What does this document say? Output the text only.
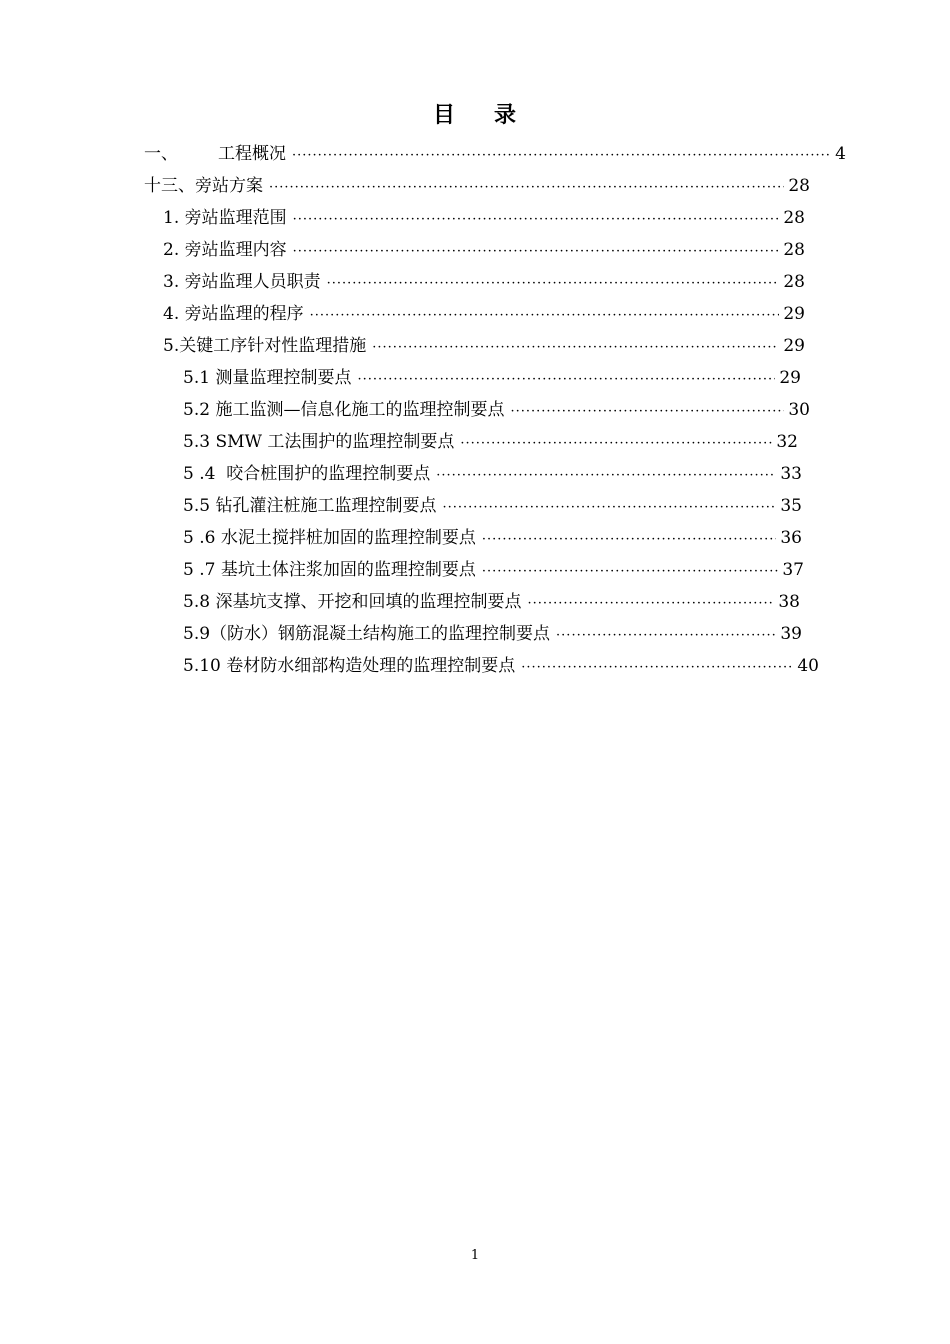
目 录
一、 工程概况 ·····	4
十三、旁站方案 ·····	28
1. 旁站监理范围 ·····	28
2. 旁站监理内容 ·····	28
3. 旁站监理人员职责 ·····	28
4. 旁站监理的程序 ·····	29
5.关键工序针对性监理措施 ·····	29
5.1 测量监理控制要点 ·····	29
5.2 施工监测—信息化施工的监理控制要点 ·····	30
5.3 SMW 工法围护的监理控制要点 ·····	32
5 .4  咬合桩围护的监理控制要点 ·····	33
5.5 钻孔灌注桩施工监理控制要点 ·····	35
5 .6 水泥土搅拌桩加固的监理控制要点 ·····	36
5 .7 基坑土体注浆加固的监理控制要点 ·····	37
5.8 深基坑支撑、开挖和回填的监理控制要点 ·····	38
5.9（防水）钢筋混凝土结构施工的监理控制要点 ·····	39
5.10 卷材防水细部构造处理的监理控制要点 ·····	40
1
